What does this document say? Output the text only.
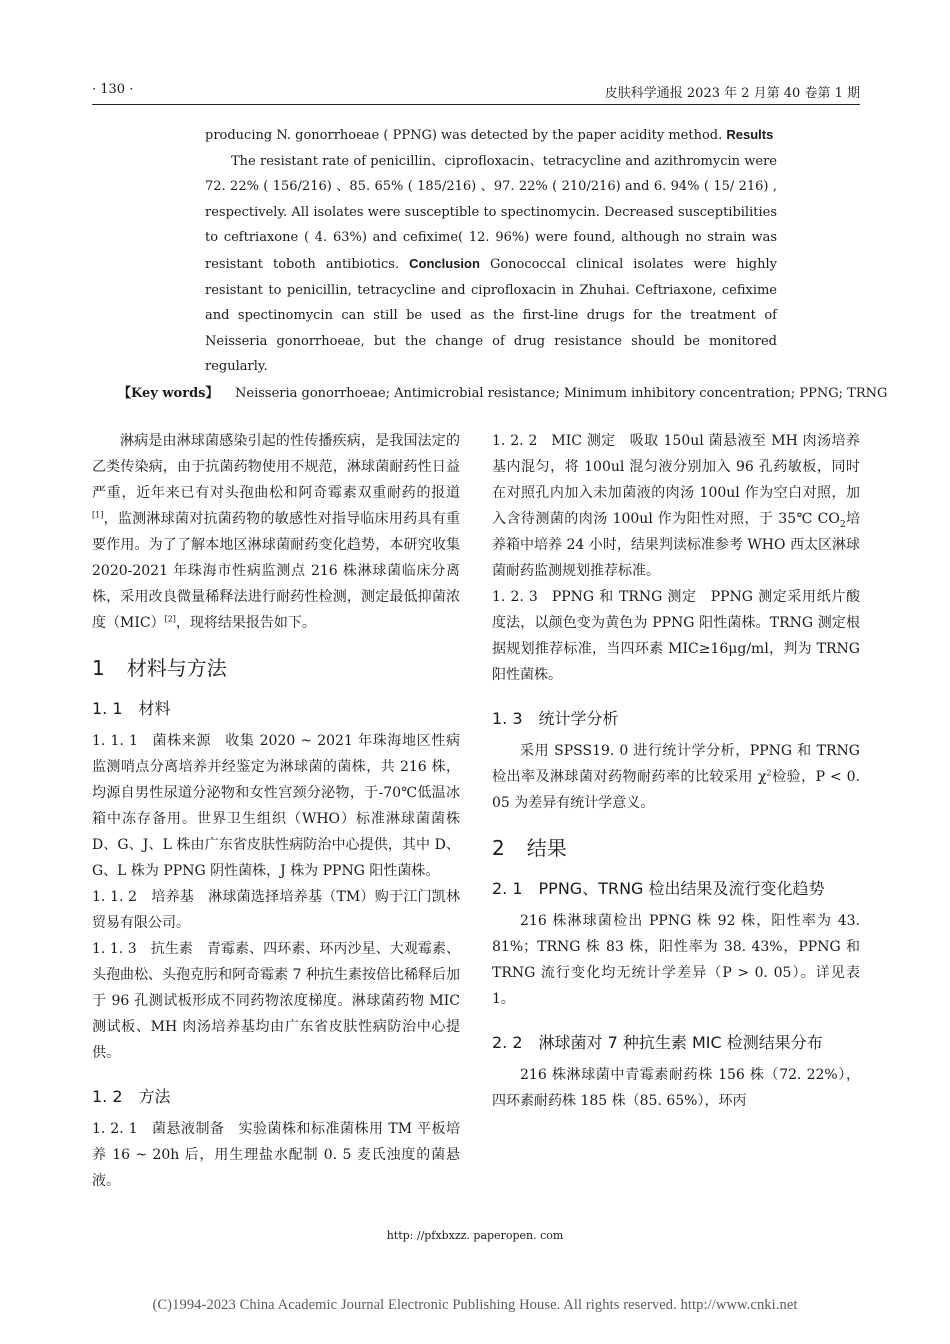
· 130 ·	皮肤科学通报 2023 年 2 月第 40 卷第 1 期

producing N. gonorrhoeae ( PPNG) was detected by the paper acidity method. Results

The resistant rate of penicillin、ciprofloxacin、tetracycline and azithromycin were 72. 22% ( 156/216) 、85. 65% ( 185/216) 、97. 22% ( 210/216) and 6. 94% ( 15/ 216) , respectively. All isolates were susceptible to spectinomycin. Decreased susceptibilities to ceftriaxone ( 4. 63%) and cefixime( 12. 96%) were found, although no strain was resistant toboth antibiotics. Conclusion Gonococcal clinical isolates were highly resistant to penicillin, tetracycline and ciprofloxacin in Zhuhai. Ceftriaxone, cefixime and spectinomycin can still be used as the first-line drugs for the treatment of Neisseria gonorrhoeae, but the change of drug resistance should be monitored regularly.

【Key words】 Neisseria gonorrhoeae; Antimicrobial resistance; Minimum inhibitory concentration; PPNG; TRNG

淋病是由淋球菌感染引起的性传播疾病，是我国法定的乙类传染病，由于抗菌药物使用不规范，淋球菌耐药性日益严重，近年来已有对头孢曲松和阿奇霉素双重耐药的报道[1]，监测淋球菌对抗菌药物的敏感性对指导临床用药具有重要作用。为了了解本地区淋球菌耐药变化趋势，本研究收集 2020-2021 年珠海市性病监测点 216 株淋球菌临床分离株，采用改良微量稀释法进行耐药性检测，测定最低抑菌浓度（MIC）[2]，现将结果报告如下。

1 材料与方法
1. 1 材料

1. 1. 1 菌株来源 收集 2020 ~ 2021 年珠海地区性病监测哨点分离培养并经鉴定为淋球菌的菌株，共 216 株，均源自男性尿道分泌物和女性宫颈分泌物，于-70℃低温冰箱中冻存备用。世界卫生组织（WHO）标准淋球菌菌株 D、G、J、L 株由广东省皮肤性病防治中心提供，其中 D、G、L 株为 PPNG 阴性菌株，J 株为 PPNG 阳性菌株。

1. 1. 2 培养基 淋球菌选择培养基（TM）购于江门凯林贸易有限公司。

1. 1. 3 抗生素 青霉素、四环素、环丙沙星、大观霉素、头孢曲松、头孢克肟和阿奇霉素 7 种抗生素按倍比稀释后加于 96 孔测试板形成不同药物浓度梯度。淋球菌药物 MIC 测试板、MH 肉汤培养基均由广东省皮肤性病防治中心提供。

1. 2 方法

1. 2. 1 菌悬液制备 实验菌株和标准菌株用 TM 平板培养 16 ~ 20h 后，用生理盐水配制 0. 5 麦氏浊度的菌悬液。

1. 2. 2 MIC 测定 吸取 150ul 菌悬液至 MH 肉汤培养基内混匀，将 100ul 混匀液分别加入 96 孔药敏板，同时在对照孔内加入未加菌液的肉汤 100ul 作为空白对照，加入含待测菌的肉汤 100ul 作为阳性对照，于 35℃ $CO_2$培养箱中培养 24 小时，结果判读标准参考 WHO 西太区淋球菌耐药监测规划推荐标准。

1. 2. 3 PPNG 和 TRNG 测定 PPNG 测定采用纸片酸度法，以颜色变为黄色为 PPNG 阳性菌株。TRNG 测定根据规划推荐标准，当四环素 MIC≥16μg/ml，判为 TRNG 阳性菌株。

1. 3 统计学分析

采用 SPSS19. 0 进行统计学分析，PPNG 和 TRNG 检出率及淋球菌对药物耐药率的比较采用 $\chi^2$检验，P < 0. 05 为差异有统计学意义。

2 结果
2. 1 PPNG、TRNG 检出结果及流行变化趋势

216 株淋球菌检出 PPNG 株 92 株，阳性率为 43. 81%；TRNG 株 83 株，阳性率为 38. 43%，PPNG 和 TRNG 流行变化均无统计学差异（P > 0. 05）。详见表 1。

2. 2 淋球菌对 7 种抗生素 MIC 检测结果分布

216 株淋球菌中青霉素耐药株 156 株（72. 22%），四环素耐药株 185 株（85. 65%），环丙

http: //pfxbxzz. paperopen. com
(C)1994-2023 China Academic Journal Electronic Publishing House. All rights reserved. http://www.cnki.net
